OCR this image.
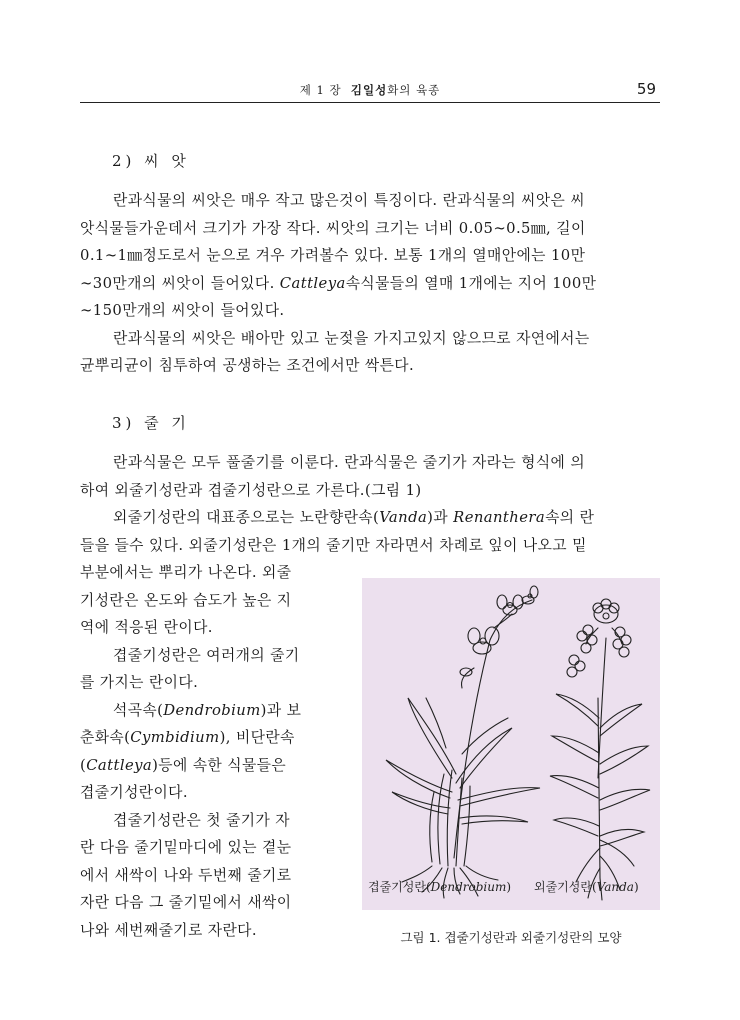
제 1 장 김일성화의 육종	59
2) 씨 앗
란과식물의 씨앗은 매우 작고 많은것이 특징이다. 란과식물의 씨앗은 씨
앗식물들가운데서 크기가 가장 작다. 씨앗의 크기는 너비 0.05∼0.5㎜, 길이
0.1∼1㎜정도로서 눈으로 겨우 가려볼수 있다. 보통 1개의 열매안에는 10만
∼30만개의 씨앗이 들어있다. Cattleya속식물들의 열매 1개에는 지어 100만
∼150만개의 씨앗이 들어있다.
란과식물의 씨앗은 배아만 있고 눈젖을 가지고있지 않으므로 자연에서는
균뿌리균이 침투하여 공생하는 조건에서만 싹튼다.
3) 줄 기
란과식물은 모두 풀줄기를 이룬다. 란과식물은 줄기가 자라는 형식에 의
하여 외줄기성란과 겹줄기성란으로 가른다.(그림 1)
외줄기성란의 대표종으로는 노란향란속(Vanda)과 Renanthera속의 란
들을 들수 있다. 외줄기성란은 1개의 줄기만 자라면서 차례로 잎이 나오고 밑
부분에서는 뿌리가 나온다. 외줄
기성란은 온도와 습도가 높은 지
역에 적응된 란이다.
겹줄기성란은 여러개의 줄기
를 가지는 란이다.
석곡속(Dendrobium)과 보
춘화속(Cymbidium), 비단란속
(Cattleya)등에 속한 식물들은
겹줄기성란이다.
겹줄기성란은 첫 줄기가 자
란 다음 줄기밑마디에 있는 곁눈
에서 새싹이 나와 두번째 줄기로
자란 다음 그 줄기밑에서 새싹이
나와 세번째줄기로 자란다.
겹줄기성란(Dendrobium) 외줄기성란(Vanda)
그림 1. 겹줄기성란과 외줄기성란의 모양
